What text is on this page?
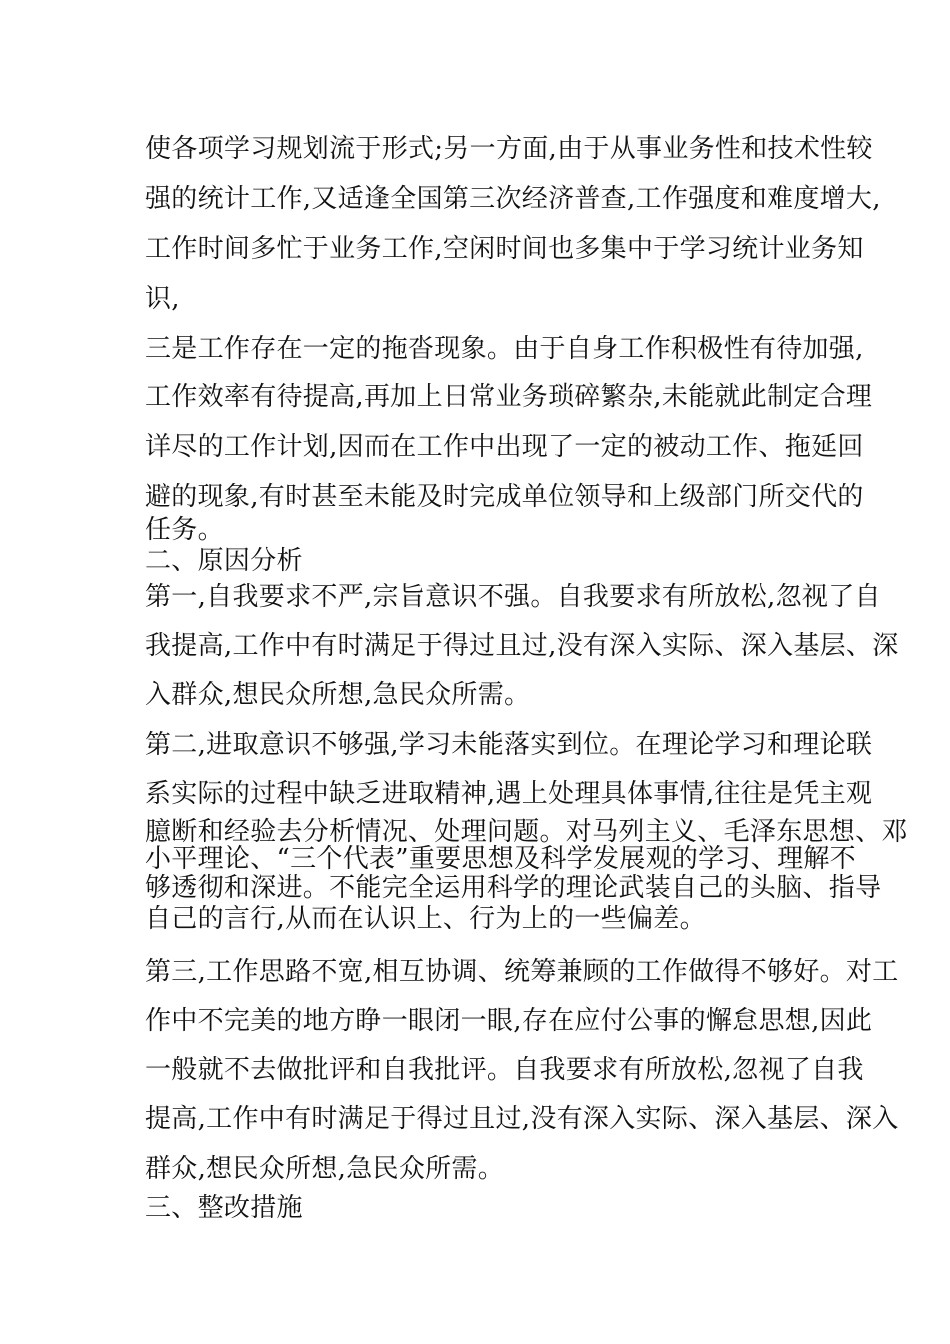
使各项学习规划流于形式;另一方面,由于从事业务性和技术性较
强的统计工作,又适逢全国第三次经济普查,工作强度和难度增大,
工作时间多忙于业务工作,空闲时间也多集中于学习统计业务知
识,
三是工作存在一定的拖沓现象。由于自身工作积极性有待加强,
工作效率有待提高,再加上日常业务琐碎繁杂,未能就此制定合理
详尽的工作计划,因而在工作中出现了一定的被动工作、拖延回
避的现象,有时甚至未能及时完成单位领导和上级部门所交代的
任务。
二、原因分析
第一,自我要求不严,宗旨意识不强。自我要求有所放松,忽视了自
我提高,工作中有时满足于得过且过,没有深入实际、深入基层、深
入群众,想民众所想,急民众所需。
第二,进取意识不够强,学习未能落实到位。在理论学习和理论联
系实际的过程中缺乏进取精神,遇上处理具体事情,往往是凭主观
臆断和经验去分析情况、处理问题。对马列主义、毛泽东思想、邓
小平理论、“三个代表”重要思想及科学发展观的学习、理解不
够透彻和深进。不能完全运用科学的理论武装自己的头脑、指导
自己的言行,从而在认识上、行为上的一些偏差。
第三,工作思路不宽,相互协调、统筹兼顾的工作做得不够好。对工
作中不完美的地方睁一眼闭一眼,存在应付公事的懈怠思想,因此
一般就不去做批评和自我批评。自我要求有所放松,忽视了自我
提高,工作中有时满足于得过且过,没有深入实际、深入基层、深入
群众,想民众所想,急民众所需。
三、整改措施
